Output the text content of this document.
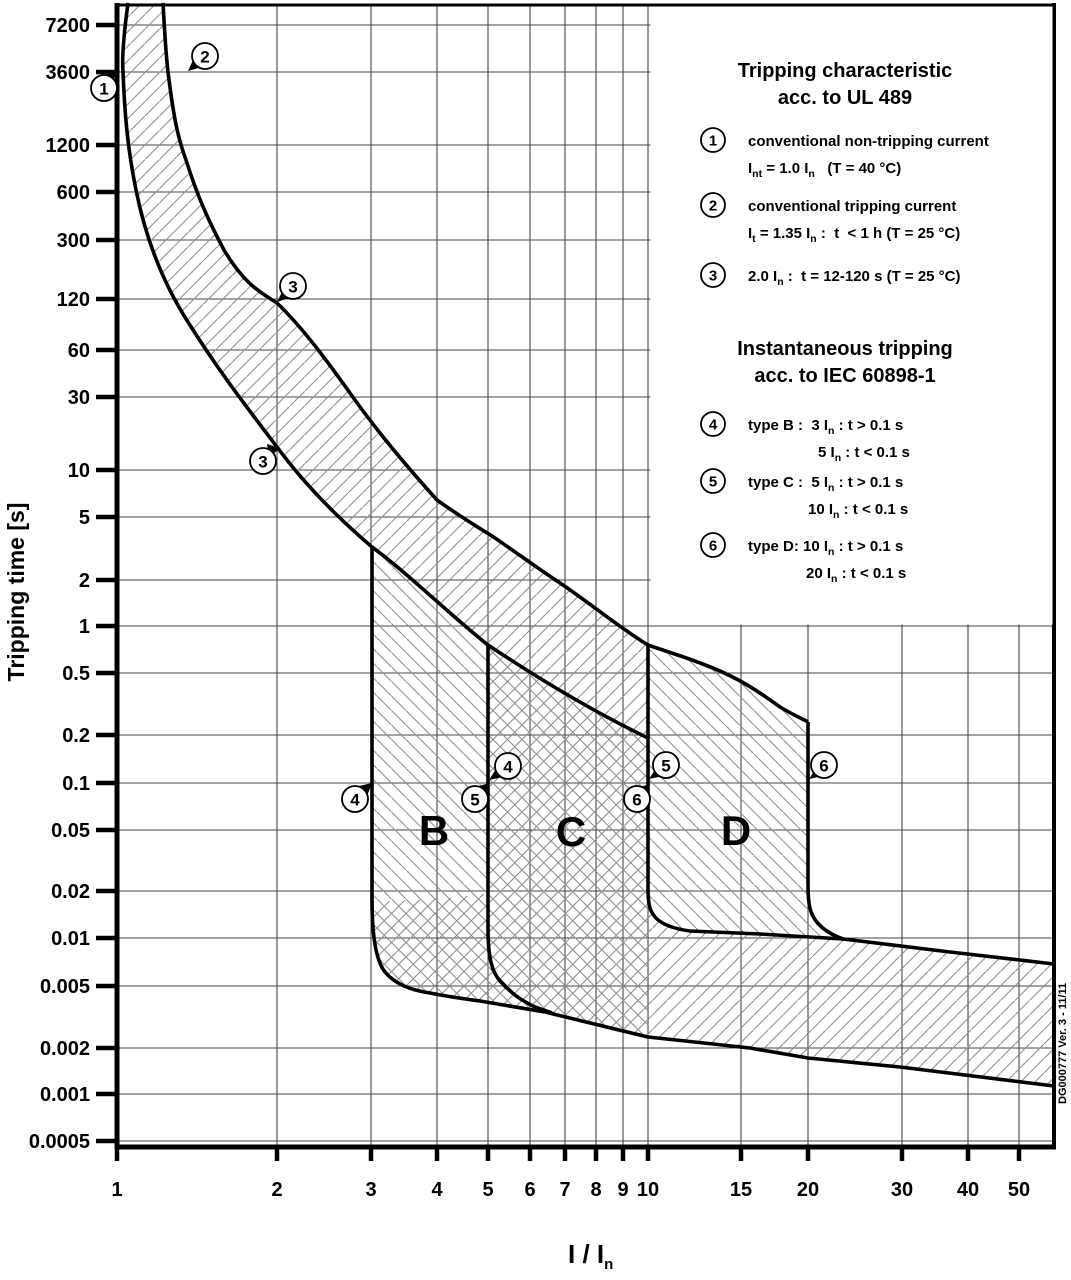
1	2	3	4 5 6 7 8 9 10	15 20	30 40 50
7200
3600
1200
600
300
120
60
30
10
5
2
1
0.5
0.2
0.1
0.05
0.02
0.01
0.005
0.002
0.001
0.0005
Tripping characteristic
acc. to UL 489
1 conventional non-tripping current
$I_{nt} = 1.0$ $I_n$   (T = 40 °C)
2 conventional tripping current
$I_t = 1.35$ $I_n$ :  t  < 1 h (T = 25 °C)
3 2.0 $I_n$ :  t = 12-120 s (T = 25 °C)
Instantaneous tripping
acc. to IEC 60898-1
4 type B :  3 $I_n$ : t > 0.1 s
5 $I_n$ : t < 0.1 s
5 type C :  5 $I_n$ : t > 0.1 s
10 $I_n$ : t < 0.1 s
6 type D: 10 $I_n$ : t > 0.1 s
20 $I_n$ : t < 0.1 s
Tripping time [s]
I / $I_n$
1
2
3
3
4
4
5
5
6
6
B	C	D
DG000777 Ver. 3 - 11/11
